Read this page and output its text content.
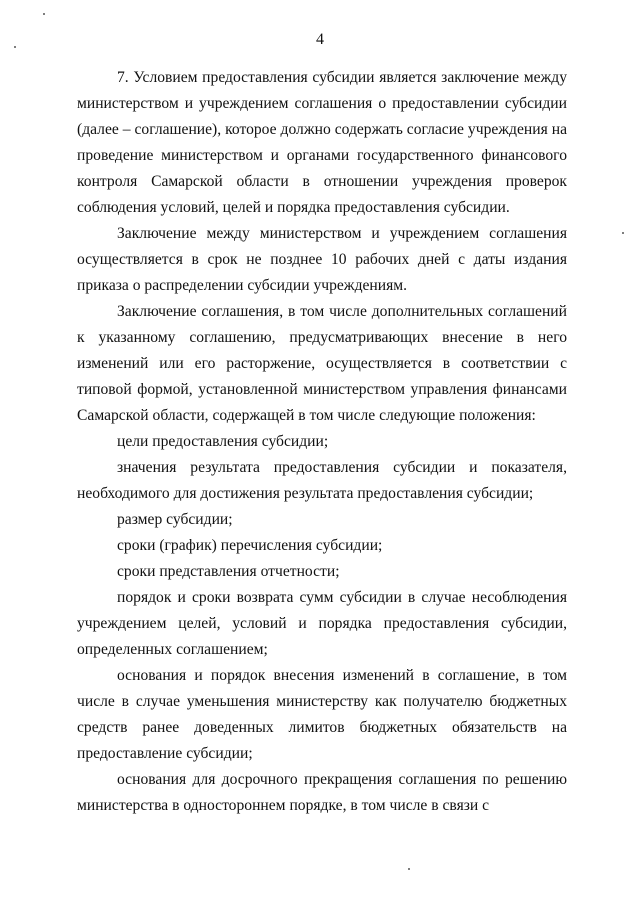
4

7. Условием предоставления субсидии является заключение между министерством и учреждением соглашения о предоставлении субсидии (далее – соглашение), которое должно содержать согласие учреждения на проведение министерством и органами государственного финансового контроля Самарской области в отношении учреждения проверок соблюдения условий, целей и порядка предоставления субсидии.

Заключение между министерством и учреждением соглашения осуществляется в срок не позднее 10 рабочих дней с даты издания приказа о распределении субсидии учреждениям.

Заключение соглашения, в том числе дополнительных соглашений к указанному соглашению, предусматривающих внесение в него изменений или его расторжение, осуществляется в соответствии с типовой формой, установленной министерством управления финансами Самарской области, содержащей в том числе следующие положения:

цели предоставления субсидии;

значения результата предоставления субсидии и показателя, необходимого для достижения результата предоставления субсидии;

размер субсидии;

сроки (график) перечисления субсидии;

сроки представления отчетности;

порядок и сроки возврата сумм субсидии в случае несоблюдения учреждением целей, условий и порядка предоставления субсидии, определенных соглашением;

основания и порядок внесения изменений в соглашение, в том числе в случае уменьшения министерству как получателю бюджетных средств ранее доведенных лимитов бюджетных обязательств на предоставление субсидии;

основания для досрочного прекращения соглашения по решению министерства в одностороннем порядке, в том числе в связи с
